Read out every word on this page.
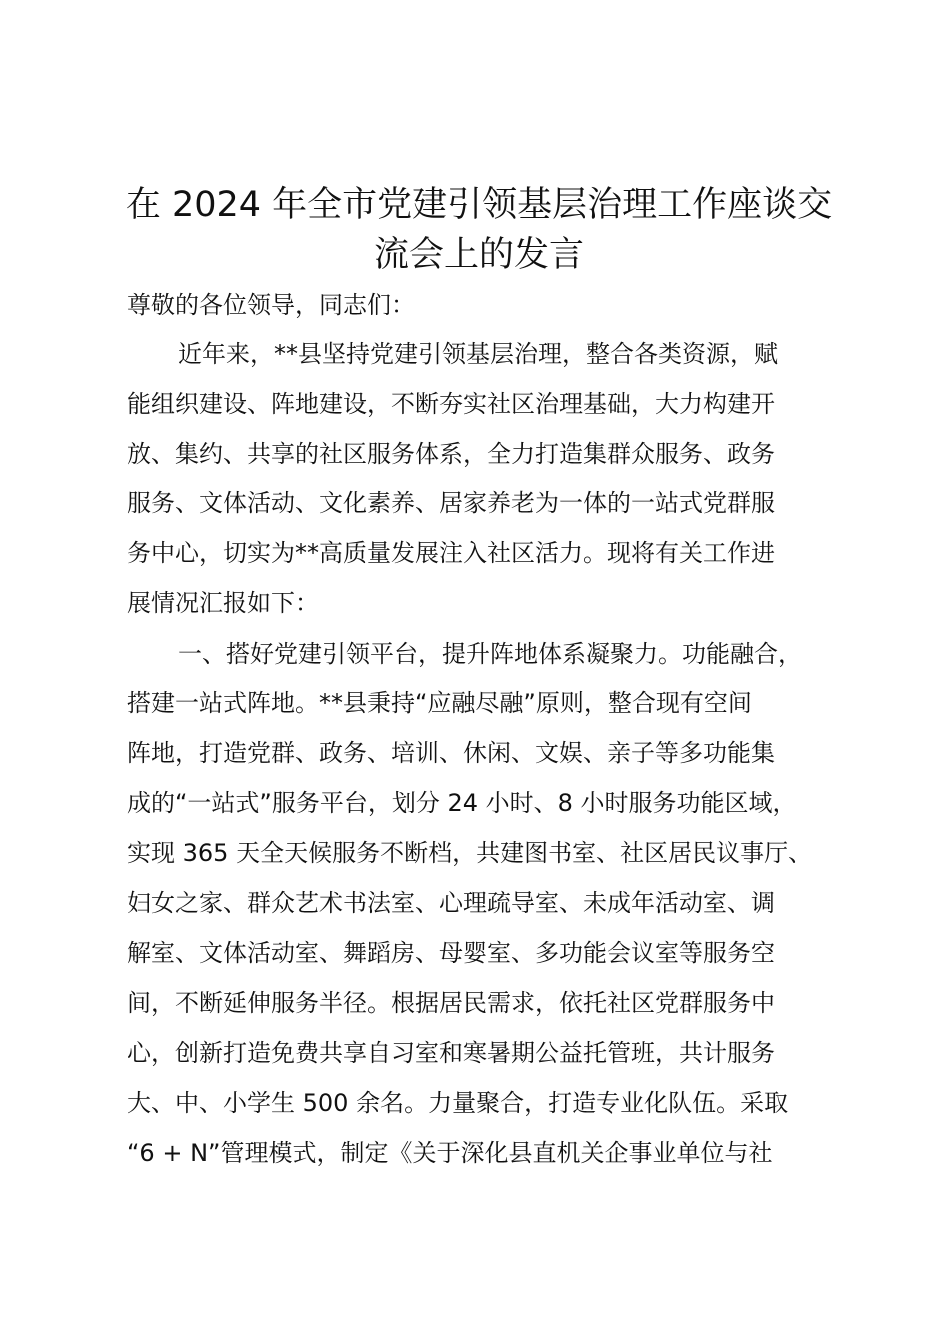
在 2024 年全市党建引领基层治理工作座谈交
流会上的发言
尊敬的各位领导，同志们：
近年来，**县坚持党建引领基层治理，整合各类资源，赋
能组织建设、阵地建设，不断夯实社区治理基础，大力构建开
放、集约、共享的社区服务体系，全力打造集群众服务、政务
服务、文体活动、文化素养、居家养老为一体的一站式党群服
务中心，切实为**高质量发展注入社区活力。现将有关工作进
展情况汇报如下：
一、搭好党建引领平台，提升阵地体系凝聚力。功能融合，
搭建一站式阵地。**县秉持“应融尽融”原则，整合现有空间
阵地，打造党群、政务、培训、休闲、文娱、亲子等多功能集
成的“一站式”服务平台，划分 24 小时、8 小时服务功能区域，
实现 365 天全天候服务不断档，共建图书室、社区居民议事厅、
妇女之家、群众艺术书法室、心理疏导室、未成年活动室、调
解室、文体活动室、舞蹈房、母婴室、多功能会议室等服务空
间，不断延伸服务半径。根据居民需求，依托社区党群服务中
心，创新打造免费共享自习室和寒暑期公益托管班，共计服务
大、中、小学生 500 余名。力量聚合，打造专业化队伍。采取
“6 + N”管理模式，制定《关于深化县直机关企事业单位与社
